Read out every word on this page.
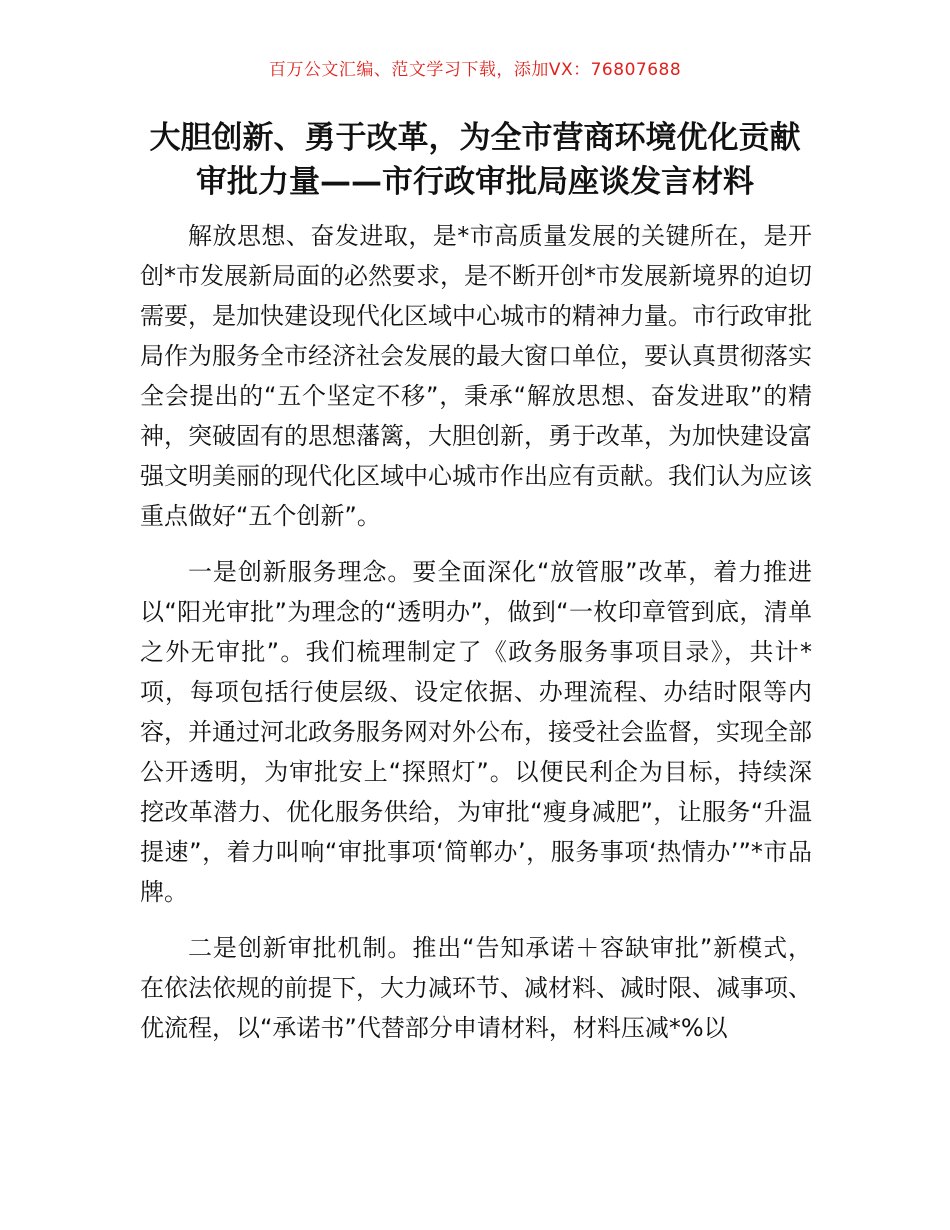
百万公文汇编、范文学习下载，添加VX：76807688
大胆创新、勇于改革，为全市营商环境优化贡献审批力量——市行政审批局座谈发言材料

解放思想、奋发进取，是*市高质量发展的关键所在，是开创*市发展新局面的必然要求，是不断开创*市发展新境界的迫切需要，是加快建设现代化区域中心城市的精神力量。市行政审批局作为服务全市经济社会发展的最大窗口单位，要认真贯彻落实全会提出的“五个坚定不移”，秉承“解放思想、奋发进取”的精神，突破固有的思想藩篱，大胆创新，勇于改革，为加快建设富强文明美丽的现代化区域中心城市作出应有贡献。我们认为应该重点做好“五个创新”。

一是创新服务理念。要全面深化“放管服”改革，着力推进以“阳光审批”为理念的“透明办”，做到“一枚印章管到底，清单之外无审批”。我们梳理制定了《政务服务事项目录》，共计*项，每项包括行使层级、设定依据、办理流程、办结时限等内容，并通过河北政务服务网对外公布，接受社会监督，实现全部公开透明，为审批安上“探照灯”。以便民利企为目标，持续深挖改革潜力、优化服务供给，为审批“瘦身减肥”，让服务“升温提速”，着力叫响“审批事项‘简郸办’，服务事项‘热情办’”*市品牌。

二是创新审批机制。推出“告知承诺＋容缺审批”新模式，在依法依规的前提下，大力减环节、减材料、减时限、减事项、优流程，以“承诺书”代替部分申请材料，材料压减*%以
